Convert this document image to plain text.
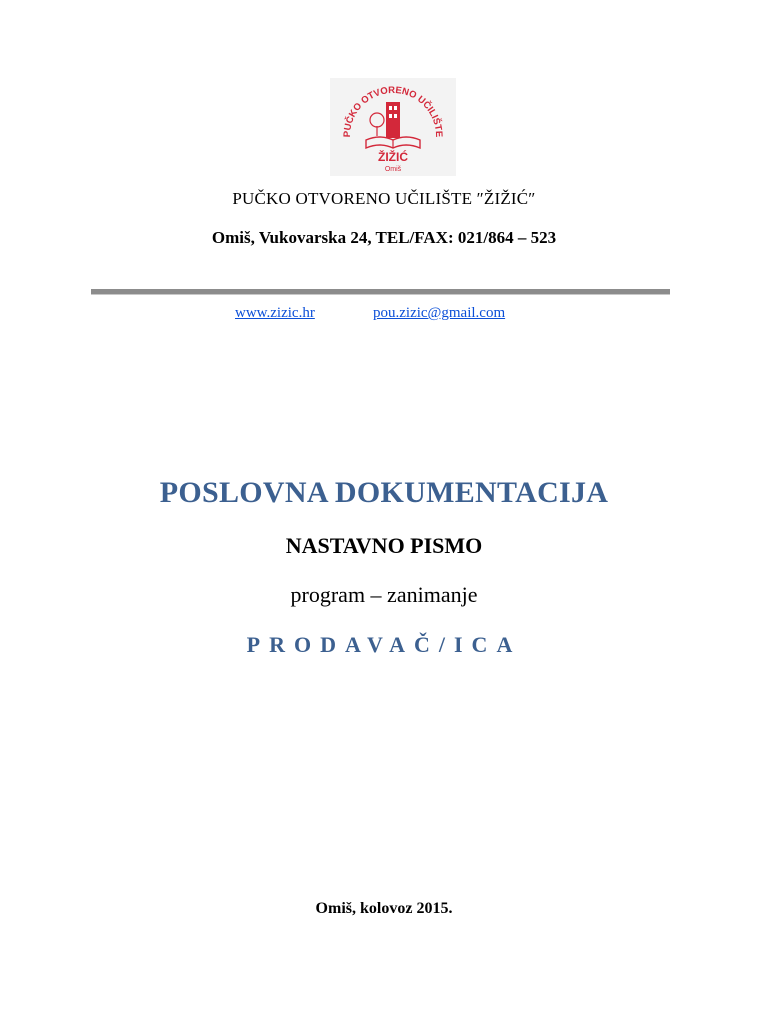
PUČKO OTVORENO UČILIŠTE
ŽIŽIĆ
Omiš
PUČKO OTVORENO UČILIŠTE ″ŽIŽIĆ″
Omiš, Vukovarska 24, TEL/FAX: 021/864 – 523
www.zizic.hr	pou.zizic@gmail.com
POSLOVNA DOKUMENTACIJA
NASTAVNO PISMO
program – zanimanje
PRODAVAČ/ICA
Omiš, kolovoz 2015.
